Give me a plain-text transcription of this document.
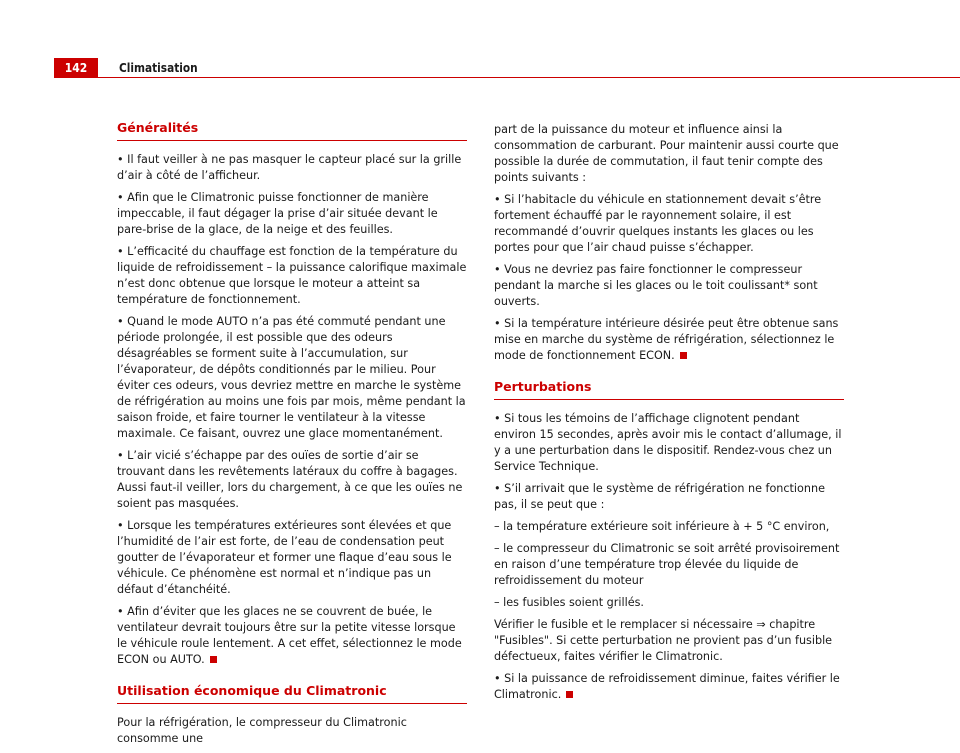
142	Climatisation
Généralités

• Il faut veiller à ne pas masquer le capteur placé sur la grille d’air à côté de l’afficheur.

• Afin que le Climatronic puisse fonctionner de manière impeccable, il faut dégager la prise d’air située devant le pare-brise de la glace, de la neige et des feuilles.

• L’efficacité du chauffage est fonction de la température du liquide de refroidissement – la puissance calorifique maximale n’est donc obtenue que lorsque le moteur a atteint sa température de fonctionnement.

• Quand le mode AUTO n’a pas été commuté pendant une période prolongée, il est possible que des odeurs désagréables se forment suite à l’accumulation, sur l’évaporateur, de dépôts conditionnés par le milieu. Pour éviter ces odeurs, vous devriez mettre en marche le système de réfrigération au moins une fois par mois, même pendant la saison froide, et faire tourner le ventilateur à la vitesse maximale. Ce faisant, ouvrez une glace momentanément.

• L’air vicié s’échappe par des ouïes de sortie d’air se trouvant dans les revêtements latéraux du coffre à bagages. Aussi faut-il veiller, lors du chargement, à ce que les ouïes ne soient pas masquées.

• Lorsque les températures extérieures sont élevées et que l’humidité de l’air est forte, de l’eau de condensation peut goutter de l’évaporateur et former une flaque d’eau sous le véhicule. Ce phénomène est normal et n’indique pas un défaut d’étanchéité.

• Afin d’éviter que les glaces ne se couvrent de buée, le ventilateur devrait toujours être sur la petite vitesse lorsque le véhicule roule lentement. A cet effet, sélectionnez le mode ECON ou AUTO.

Utilisation économique du Climatronic

Pour la réfrigération, le compresseur du Climatronic consomme une

part de la puissance du moteur et influence ainsi la consommation de carburant. Pour maintenir aussi courte que possible la durée de commutation, il faut tenir compte des points suivants :

• Si l’habitacle du véhicule en stationnement devait s’être fortement échauffé par le rayonnement solaire, il est recommandé d’ouvrir quelques instants les glaces ou les portes pour que l’air chaud puisse s’échapper.

• Vous ne devriez pas faire fonctionner le compresseur pendant la marche si les glaces ou le toit coulissant* sont ouverts.

• Si la température intérieure désirée peut être obtenue sans mise en marche du système de réfrigération, sélectionnez le mode de fonctionnement ECON.

Perturbations

• Si tous les témoins de l’affichage clignotent pendant environ 15 secondes, après avoir mis le contact d’allumage, il y a une perturbation dans le dispositif. Rendez-vous chez un Service Technique.

• S’il arrivait que le système de réfrigération ne fonctionne pas, il se peut que :

– la température extérieure soit inférieure à + 5 °C environ,

– le compresseur du Climatronic se soit arrêté provisoirement en raison d’une température trop élevée du liquide de refroidissement du moteur

– les fusibles soient grillés.

Vérifier le fusible et le remplacer si nécessaire ⇒ chapitre "Fusibles". Si cette perturbation ne provient pas d’un fusible défectueux, faites vérifier le Climatronic.

• Si la puissance de refroidissement diminue, faites vérifier le Climatronic.
